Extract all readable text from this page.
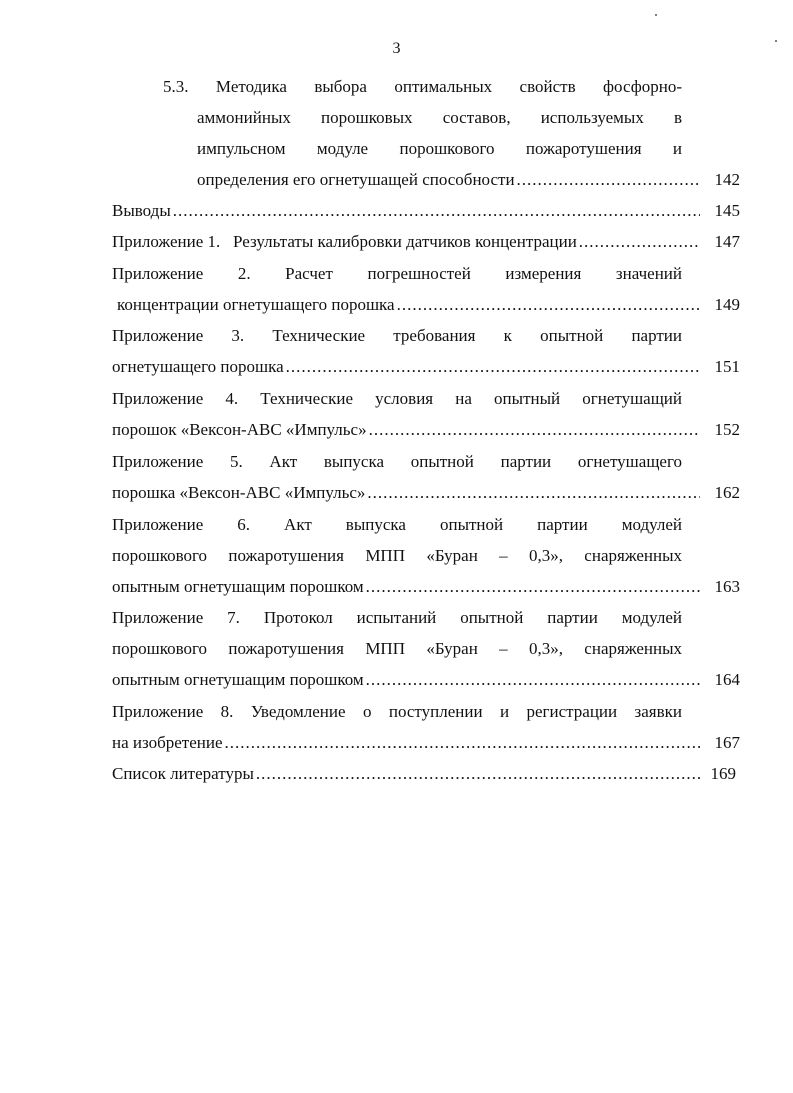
3
5.3. Методика выбора оптимальных свойств фосфорно-
аммонийных порошковых составов, используемых в
импульсном модуле порошкового пожаротушения и
определения его огнетушащей способности .....	142
Выводы .....	145
Приложение 1.   Результаты калибровки датчиков концентрации .....	147
Приложение 2. Расчет погрешностей измерения значений
концентрации огнетушащего порошка .....	149
Приложение 3. Технические требования к опытной партии
огнетушащего порошка .....	151
Приложение 4. Технические условия на опытный огнетушащий
порошок «Вексон-АВС «Импульс» .....	152
Приложение 5. Акт выпуска опытной партии огнетушащего
порошка «Вексон-АВС «Импульс» .....	162
Приложение 6. Акт выпуска опытной партии модулей
порошкового пожаротушения МПП «Буран – 0,3», снаряженных
опытным огнетушащим порошком .....	163
Приложение 7. Протокол испытаний опытной партии модулей
порошкового пожаротушения МПП «Буран – 0,3», снаряженных
опытным огнетушащим порошком .....	164
Приложение 8. Уведомление о поступлении и регистрации заявки
на изобретение .....	167
Список литературы .....	169
